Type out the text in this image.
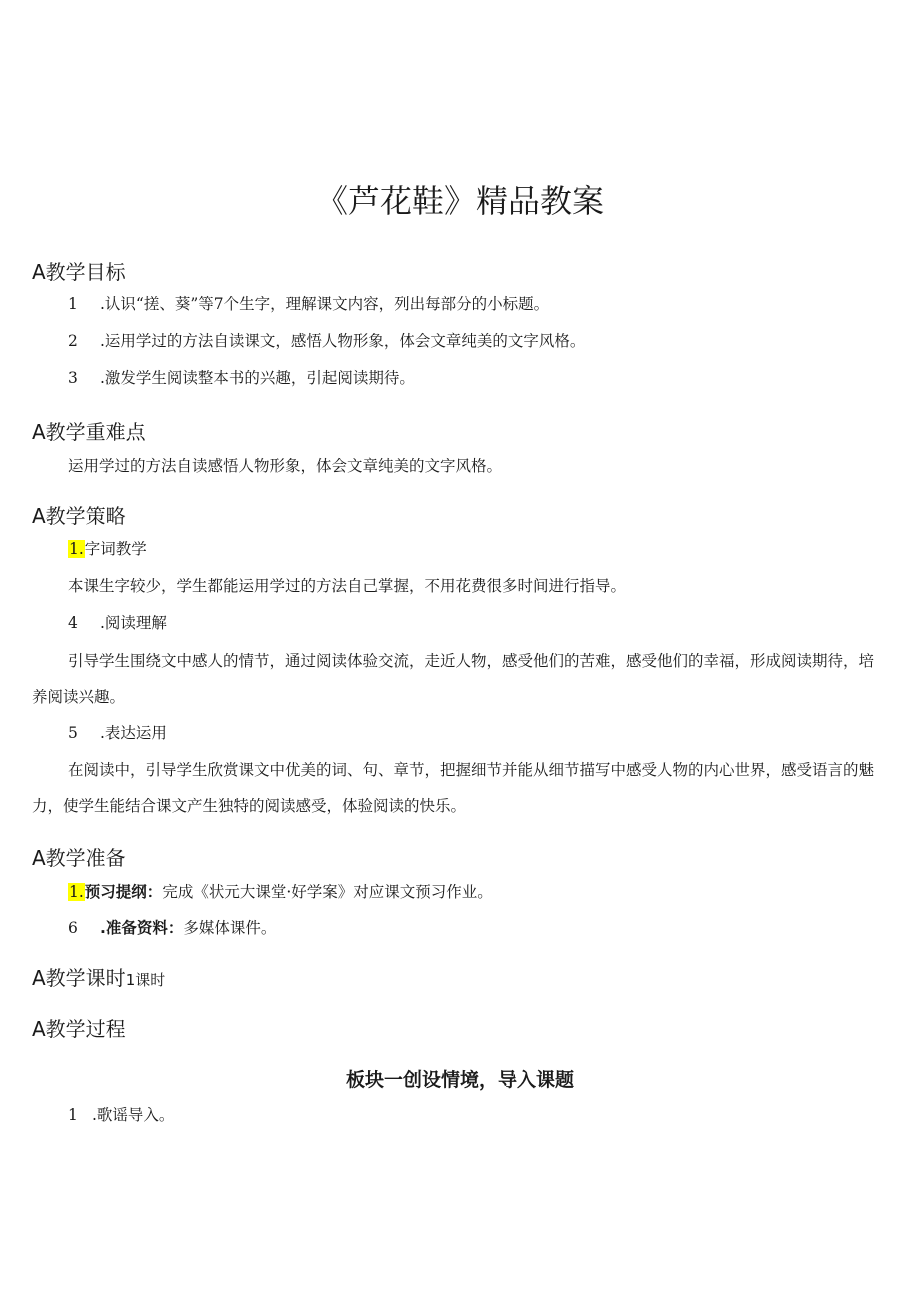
《芦花鞋》精品教案
A教学目标

1 .认识“搓、葵”等7个生字，理解课文内容，列出每部分的小标题。

2 .运用学过的方法自读课文，感悟人物形象，体会文章纯美的文字风格。

3 .激发学生阅读整本书的兴趣，引起阅读期待。

A教学重难点

运用学过的方法自读感悟人物形象，体会文章纯美的文字风格。

A教学策略

1.字词教学

本课生字较少，学生都能运用学过的方法自己掌握，不用花费很多时间进行指导。

4 .阅读理解

引导学生围绕文中感人的情节，通过阅读体验交流，走近人物，感受他们的苦难，感受他们的幸福，形成阅读期待，培养阅读兴趣。

5 .表达运用

在阅读中，引导学生欣赏课文中优美的词、句、章节，把握细节并能从细节描写中感受人物的内心世界，感受语言的魅力，使学生能结合课文产生独特的阅读感受，体验阅读的快乐。

A教学准备

1.预习提纲：完成《状元大课堂·好学案》对应课文预习作业。

6 .准备资料：多媒体课件。

A教学课时1课时
A教学过程
板块一创设情境，导入课题

1 .歌谣导入。
